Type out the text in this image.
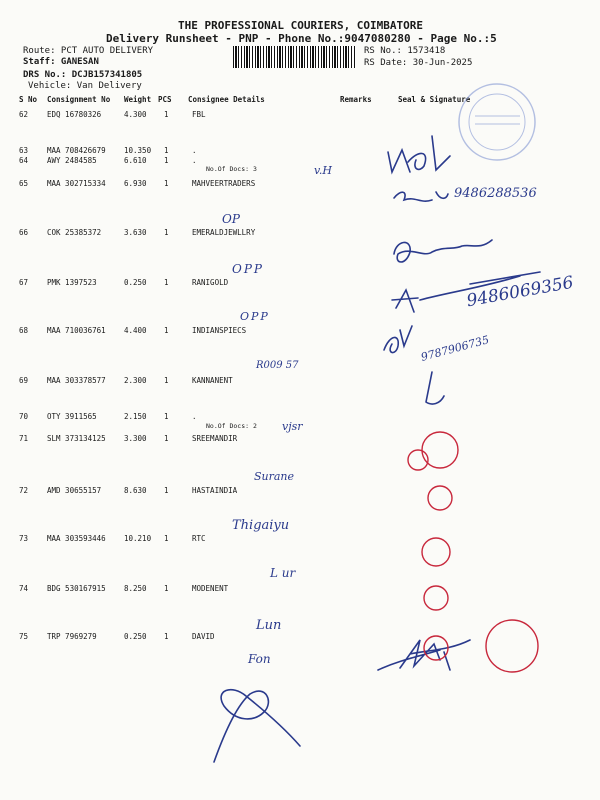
THE PROFESSIONAL COURIERS, COIMBATORE
Delivery Runsheet - PNP - Phone No.:9047080280 - Page No.:5
Route: PCT AUTO DELIVERY
Staff: GANESAN
DRS No.: DCJB157341805
Vehicle: Van Delivery
RS No.: 1573418
RS Date: 30-Jun-2025
S No Consignment No Weight PCS Consignee Details	Remarks	Seal & Signature
62	EDQ 16780326	4.300 1	FBL
63	MAA 708426679 10.350 1	.
64	AWY 2484585	6.610 1	.
No.Of Docs: 3
65	MAA 302715334 6.930 1	MAHVEERTRADERS
66	COK 25385372	3.630 1	EMERALDJEWLLRY
67	PMK 1397523	0.250 1	RANIGOLD
68	MAA 710036761 4.400 1	INDIANSPIECS
69	MAA 303378577 2.300 1	KANNANENT
70	OTY 3911565	2.150 1	.
No.Of Docs: 2
71	SLM 373134125 3.300 1	SREEMANDIR
72	AMD 30655157	8.630 1	HASTAINDIA
73	MAA 303593446 10.210 1	RTC
74	BDG 530167915 8.250 1	MODENENT
75	TRP 7969279	0.250 1	DAVID
v.H
OP
OPP
OPP
R009 57
vjsr
Surane
Thigaiyu
L ur
Lun
Fon
9486288536
9486069356
9787906735
